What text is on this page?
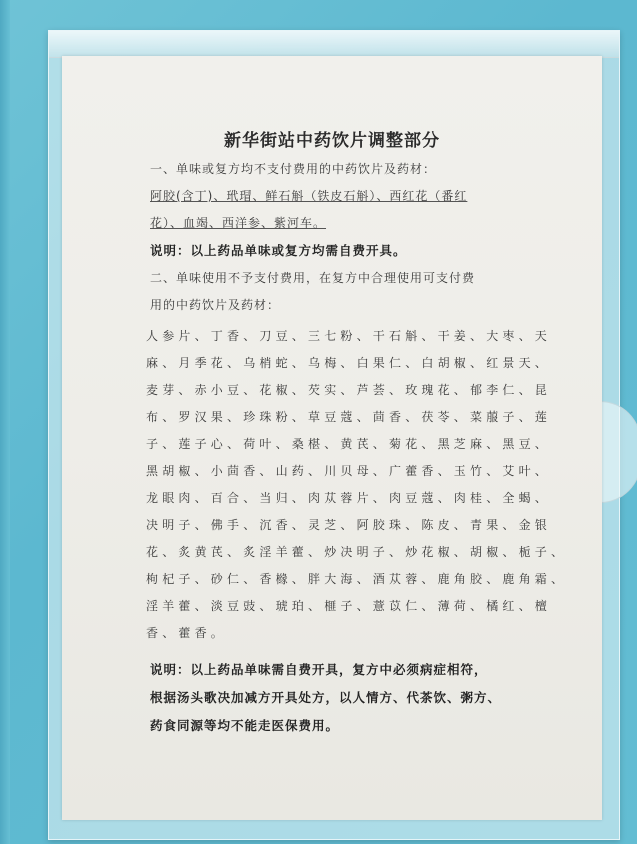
新华街站中药饮片调整部分
一、单味或复方均不支付费用的中药饮片及药材：
阿胶(含丁)、玳瑁、鲜石斛（铁皮石斛）、西红花（番红
花）、血竭、西洋参、紫河车。
说明：以上药品单味或复方均需自费开具。
二、单味使用不予支付费用，在复方中合理使用可支付费
用的中药饮片及药材：
人参片、丁香、刀豆、三七粉、干石斛、干姜、大枣、天
麻、月季花、乌梢蛇、乌梅、白果仁、白胡椒、红景天、
麦芽、赤小豆、花椒、芡实、芦荟、玫瑰花、郁李仁、昆
布、罗汉果、珍珠粉、草豆蔻、茴香、茯苓、菜菔子、莲
子、莲子心、荷叶、桑椹、黄芪、菊花、黑芝麻、黑豆、
黑胡椒、小茴香、山药、川贝母、广藿香、玉竹、艾叶、
龙眼肉、百合、当归、肉苁蓉片、肉豆蔻、肉桂、全蝎、
决明子、佛手、沉香、灵芝、阿胶珠、陈皮、青果、金银
花、炙黄芪、炙淫羊藿、炒决明子、炒花椒、胡椒、栀子、
枸杞子、砂仁、香橼、胖大海、酒苁蓉、鹿角胶、鹿角霜、
淫羊藿、淡豆豉、琥珀、榧子、薏苡仁、薄荷、橘红、檀
香、藿香。
说明：以上药品单味需自费开具，复方中必须病症相符，
根据汤头歌决加减方开具处方，以人情方、代茶饮、粥方、
药食同源等均不能走医保费用。
